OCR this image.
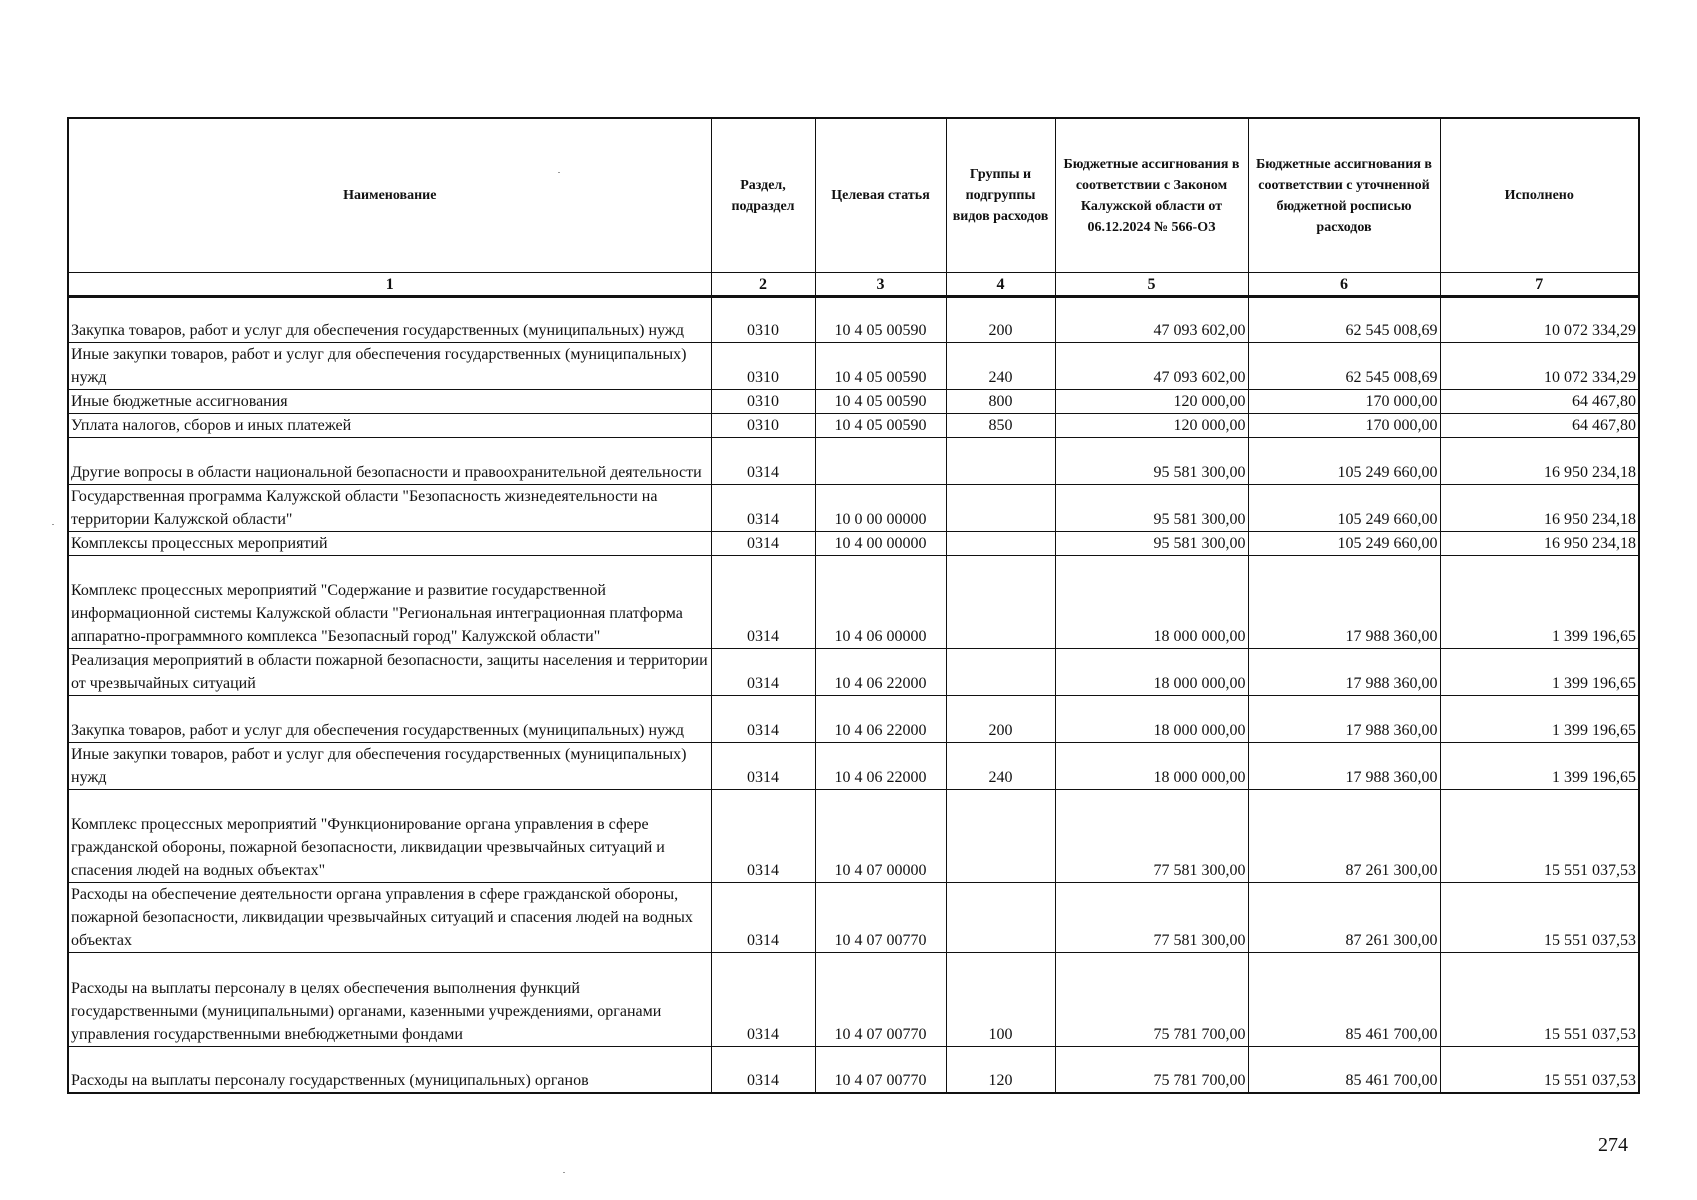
Наименование	Раздел, подраздел	Целевая статья	Группы и подгруппы видов расходов	Бюджетные ассигнования в соответствии с Законом Калужской области от 06.12.2024 № 566-ОЗ	Бюджетные ассигнования в соответствии с уточненной бюджетной росписью расходов	Исполнено
1	2	3	4	5	6	7
Закупка товаров, работ и услуг для обеспечения государственных (муниципальных) нужд	0310	10 4 05 00590	200	47 093 602,00	62 545 008,69	10 072 334,29
Иные закупки товаров, работ и услуг для обеспечения государственных (муниципальных) нужд	0310	10 4 05 00590	240	47 093 602,00	62 545 008,69	10 072 334,29
Иные бюджетные ассигнования	0310	10 4 05 00590	800	120 000,00	170 000,00	64 467,80
Уплата налогов, сборов и иных платежей	0310	10 4 05 00590	850	120 000,00	170 000,00	64 467,80
Другие вопросы в области национальной безопасности и правоохранительной деятельности	0314			95 581 300,00	105 249 660,00	16 950 234,18
Государственная программа Калужской области "Безопасность жизнедеятельности на территории Калужской области"	0314	10 0 00 00000		95 581 300,00	105 249 660,00	16 950 234,18
Комплексы процессных мероприятий	0314	10 4 00 00000		95 581 300,00	105 249 660,00	16 950 234,18
Комплекс процессных мероприятий "Содержание и развитие государственной информационной системы Калужской области "Региональная интеграционная платформа аппаратно-программного комплекса "Безопасный город" Калужской области"	0314	10 4 06 00000		18 000 000,00	17 988 360,00	1 399 196,65
Реализация мероприятий в области пожарной безопасности, защиты населения и территории от чрезвычайных ситуаций	0314	10 4 06 22000		18 000 000,00	17 988 360,00	1 399 196,65
Закупка товаров, работ и услуг для обеспечения государственных (муниципальных) нужд	0314	10 4 06 22000	200	18 000 000,00	17 988 360,00	1 399 196,65
Иные закупки товаров, работ и услуг для обеспечения государственных (муниципальных) нужд	0314	10 4 06 22000	240	18 000 000,00	17 988 360,00	1 399 196,65
Комплекс процессных мероприятий "Функционирование органа управления в сфере гражданской обороны, пожарной безопасности, ликвидации чрезвычайных ситуаций и спасения людей на водных объектах"	0314	10 4 07 00000		77 581 300,00	87 261 300,00	15 551 037,53
Расходы на обеспечение деятельности органа управления в сфере гражданской обороны, пожарной безопасности, ликвидации чрезвычайных ситуаций и спасения людей на водных объектах	0314	10 4 07 00770		77 581 300,00	87 261 300,00	15 551 037,53
Расходы на выплаты персоналу в целях обеспечения выполнения функций государственными (муниципальными) органами, казенными учреждениями, органами управления государственными внебюджетными фондами	0314	10 4 07 00770	100	75 781 700,00	85 461 700,00	15 551 037,53
Расходы на выплаты персоналу государственных (муниципальных) органов	0314	10 4 07 00770	120	75 781 700,00	85 461 700,00	15 551 037,53
274
